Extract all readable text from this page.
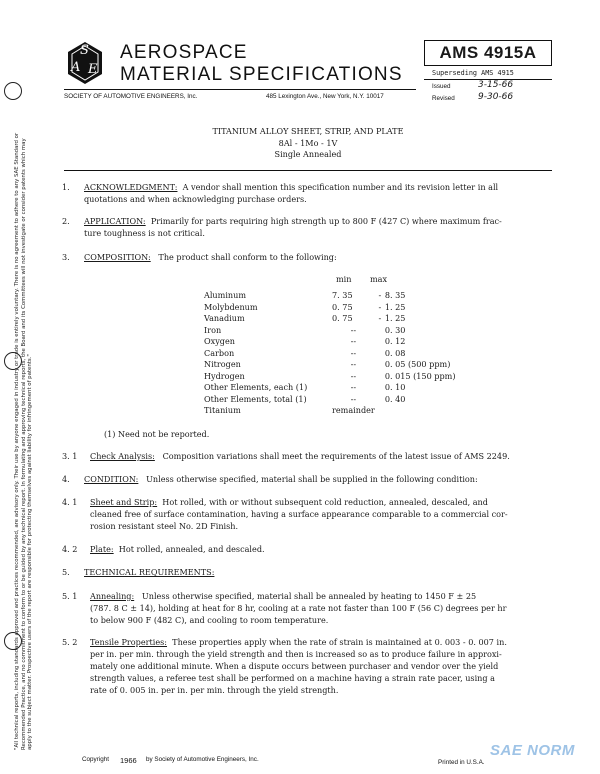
"All technical reports, including standards approved and practices recommended, are advisory only. Their use by anyone engaged in industry or trade is entirely voluntary. There is no agreement to adhere to any SAE Standard or Recommended Practice, and no commitment to conform to or be guided by any technical report. In formulating and approving technical reports, the Board and its Committees will not investigate or consider patents which may apply to the subject matter. Prospective users of the report are responsible for protecting themselves against liability for infringement of patents."
S
A E
AEROSPACE
MATERIAL SPECIFICATIONS
SOCIETY OF AUTOMOTIVE ENGINEERS, Inc.	485 Lexington Ave., New York, N.Y. 10017
AMS 4915A
Superseding AMS 4915
Issued	3-15-66
Revised	9-30-66
TITANIUM ALLOY SHEET, STRIP, AND PLATE
8Al - 1Mo - 1V
Single Annealed
1. ACKNOWLEDGMENT: A vendor shall mention this specification number and its revision letter in all
quotations and when acknowledging purchase orders.
2. APPLICATION: Primarily for parts requiring high strength up to 800 F (427 C) where maximum frac-
ture toughness is not critical.
3. COMPOSITION: The product shall conform to the following:
min max
Aluminum	7. 35	-	8. 35
Molybdenum	0. 75	-	1. 25
Vanadium	0. 75	-	1. 25
Iron	--		0. 30
Oxygen	--		0. 12
Carbon	--		0. 08
Nitrogen	--		0. 05 (500 ppm)
Hydrogen	--		0. 015 (150 ppm)
Other Elements, each (1)	--		0. 10
Other Elements, total (1)	--		0. 40
Titanium	remainder		
(1) Need not be reported.
3. 1 Check Analysis: Composition variations shall meet the requirements of the latest issue of AMS 2249.
4. CONDITION: Unless otherwise specified, material shall be supplied in the following condition:
4. 1 Sheet and Strip: Hot rolled, with or without subsequent cold reduction, annealed, descaled, and
cleaned free of surface contamination, having a surface appearance comparable to a commercial cor-
rosion resistant steel No. 2D Finish.
4. 2 Plate: Hot rolled, annealed, and descaled.
5. TECHNICAL REQUIREMENTS:
5. 1 Annealing: Unless otherwise specified, material shall be annealed by heating to 1450 F ± 25
(787. 8 C ± 14), holding at heat for 8 hr, cooling at a rate not faster than 100 F (56 C) degrees per hr
to below 900 F (482 C), and cooling to room temperature.
5. 2 Tensile Properties: These properties apply when the rate of strain is maintained at 0. 003 - 0. 007 in.
per in. per min. through the yield strength and then is increased so as to produce failure in approxi-
mately one additional minute. When a dispute occurs between purchaser and vendor over the yield
strength values, a referee test shall be performed on a machine having a strain rate pacer, using a
rate of 0. 005 in. per in. per min. through the yield strength.
Copyright 1966 by Society of Automotive Engineers, Inc.	Printed in U.S.A.
SAE NORM
